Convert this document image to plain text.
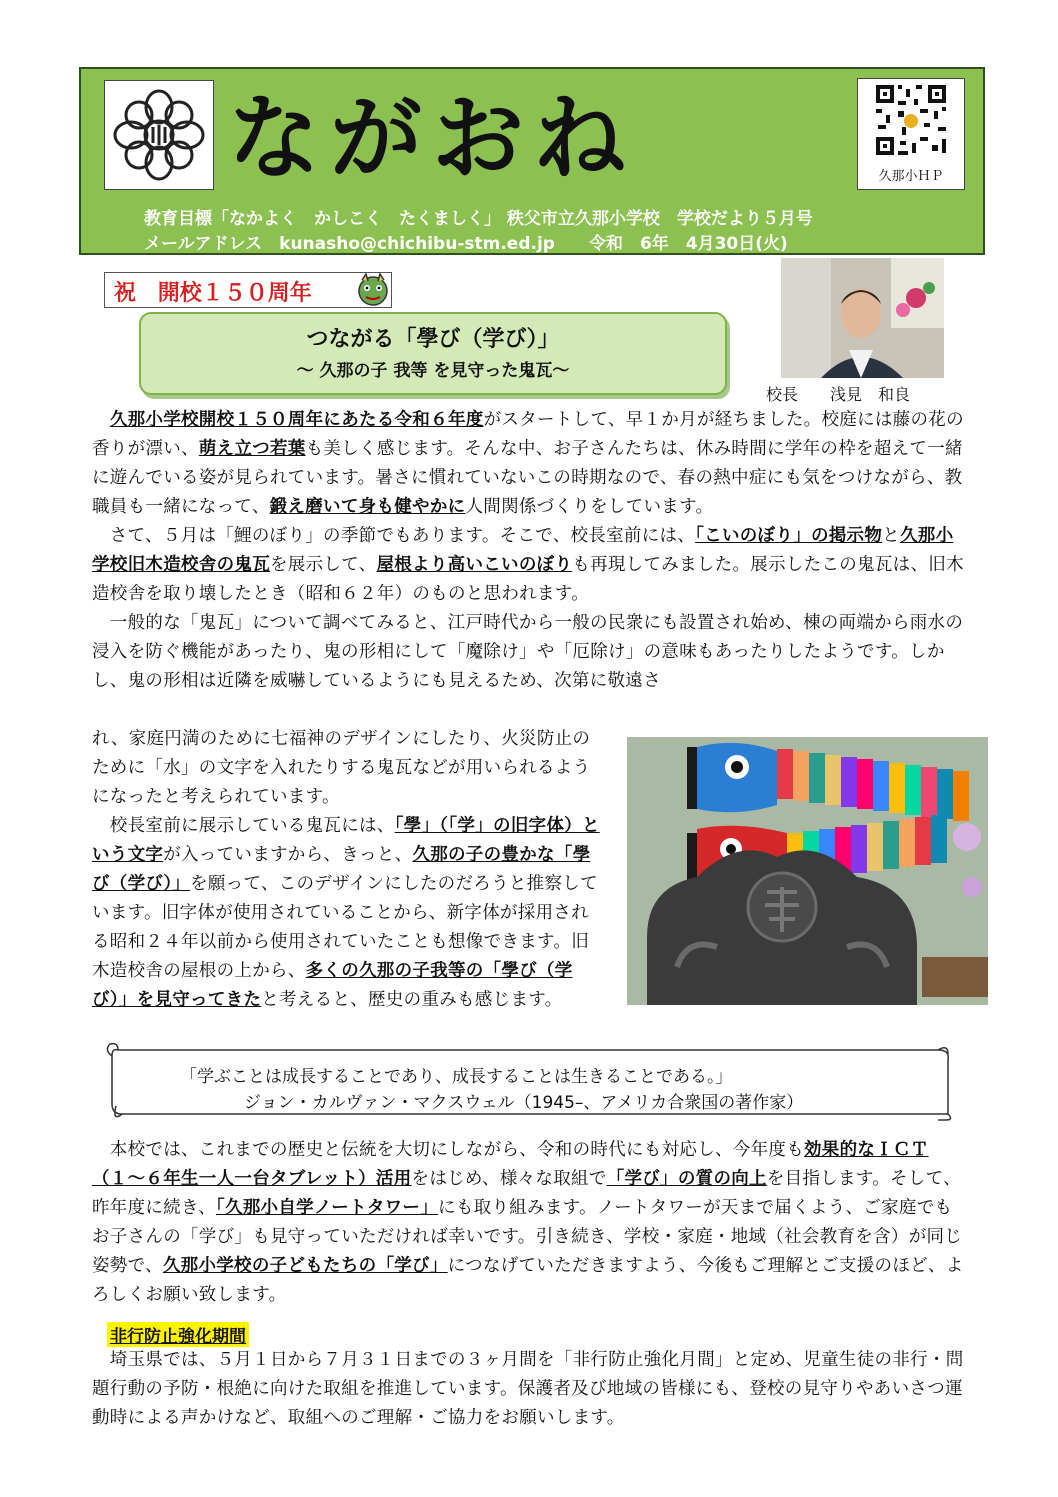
ながおね	久那小ＨＰ
教育目標「なかよく　かしこく　たくましく」 秩父市立久那小学校　学校だより５月号
メールアドレス　kunasho@chichibu-stm.ed.jp　　令和　6年　4月30日(火)
祝 開校１５０周年
つながる「學び（学び）」
～ 久那の子 我等 を見守った鬼瓦～
校長　　浅見　和良
　久那小学校開校１５０周年にあたる令和６年度がスタートして、早１か月が経ちました。校庭には藤の花の香りが漂い、萌え立つ若葉も美しく感じます。そんな中、お子さんたちは、休み時間に学年の枠を超えて一緒に遊んでいる姿が見られています。暑さに慣れていないこの時期なので、春の熱中症にも気をつけながら、教職員も一緒になって、鍛え磨いて身も健やかに人間関係づくりをしています。
　さて、５月は「鯉のぼり」の季節でもあります。そこで、校長室前には、「こいのぼり」の掲示物と久那小学校旧木造校舎の鬼瓦を展示して、屋根より高いこいのぼりも再現してみました。展示したこの鬼瓦は、旧木造校舎を取り壊したとき（昭和６２年）のものと思われます。
　一般的な「鬼瓦」について調べてみると、江戸時代から一般の民衆にも設置され始め、棟の両端から雨水の浸入を防ぐ機能があったり、鬼の形相にして「魔除け」や「厄除け」の意味もあったりしたようです。しかし、鬼の形相は近隣を威嚇しているようにも見えるため、次第に敬遠さ
れ、家庭円満のために七福神のデザインにしたり、火災防止のために「水」の文字を入れたりする鬼瓦などが用いられるようになったと考えられています。
　校長室前に展示している鬼瓦には、「學」（「学」の旧字体）という文字が入っていますから、きっと、久那の子の豊かな「學び（学び）」を願って、このデザインにしたのだろうと推察しています。旧字体が使用されていることから、新字体が採用される昭和２４年以前から使用されていたことも想像できます。旧木造校舎の屋根の上から、多くの久那の子我等の「學び（学び）」を見守ってきたと考えると、歴史の重みも感じます。
「学ぶことは成長することであり、成長することは生きることである。」
ジョン・カルヴァン・マクスウェル（1945–、アメリカ合衆国の著作家）
　本校では、これまでの歴史と伝統を大切にしながら、令和の時代にも対応し、今年度も効果的なＩＣＴ（１～６年生一人一台タブレット）活用をはじめ、様々な取組で「学び」の質の向上を目指します。そして、昨年度に続き、「久那小自学ノートタワー」にも取り組みます。ノートタワーが天まで届くよう、ご家庭でもお子さんの「学び」も見守っていただければ幸いです。引き続き、学校・家庭・地域（社会教育を含）が同じ姿勢で、久那小学校の子どもたちの「学び」につなげていただきますよう、今後もご理解とご支援のほど、よろしくお願い致します。
非行防止強化期間
　埼玉県では、５月１日から７月３１日までの３ヶ月間を「非行防止強化月間」と定め、児童生徒の非行・問題行動の予防・根絶に向けた取組を推進しています。保護者及び地域の皆様にも、登校の見守りやあいさつ運動時による声かけなど、取組へのご理解・ご協力をお願いします。
